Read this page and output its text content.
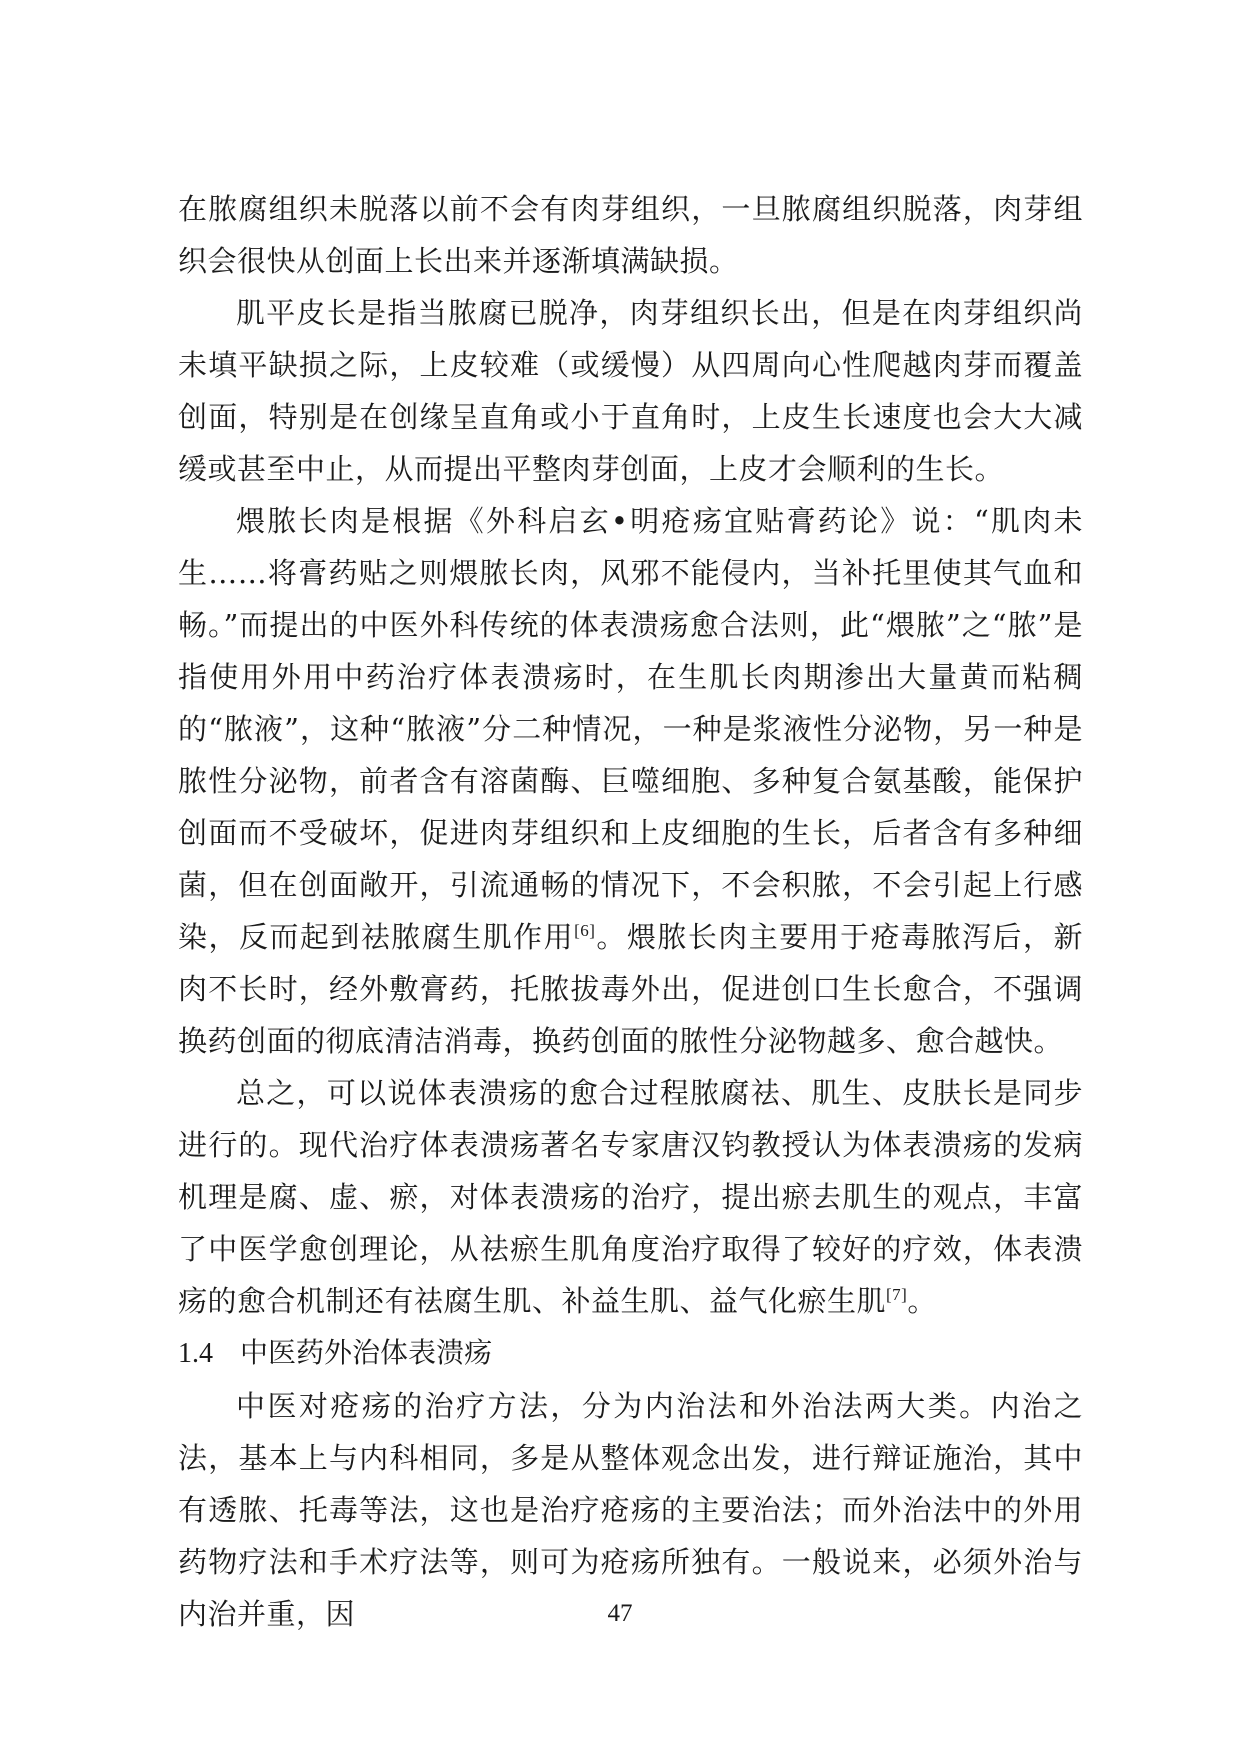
在脓腐组织未脱落以前不会有肉芽组织，一旦脓腐组织脱落，肉芽组织会很快从创面上长出来并逐渐填满缺损。

肌平皮长是指当脓腐已脱净，肉芽组织长出，但是在肉芽组织尚未填平缺损之际，上皮较难（或缓慢）从四周向心性爬越肉芽而覆盖创面，特别是在创缘呈直角或小于直角时，上皮生长速度也会大大减缓或甚至中止，从而提出平整肉芽创面，上皮才会顺利的生长。

煨脓长肉是根据《外科启玄•明疮疡宜贴膏药论》说：“肌肉未生……将膏药贴之则煨脓长肉，风邪不能侵内，当补托里使其气血和畅。”而提出的中医外科传统的体表溃疡愈合法则，此“煨脓”之“脓”是指使用外用中药治疗体表溃疡时，在生肌长肉期渗出大量黄而粘稠的“脓液”，这种“脓液”分二种情况，一种是浆液性分泌物，另一种是脓性分泌物，前者含有溶菌酶、巨噬细胞、多种复合氨基酸，能保护创面而不受破坏，促进肉芽组织和上皮细胞的生长，后者含有多种细菌，但在创面敞开，引流通畅的情况下，不会积脓，不会引起上行感染，反而起到祛脓腐生肌作用[6]。煨脓长肉主要用于疮毒脓泻后，新肉不长时，经外敷膏药，托脓拔毒外出，促进创口生长愈合，不强调换药创面的彻底清洁消毒，换药创面的脓性分泌物越多、愈合越快。

总之，可以说体表溃疡的愈合过程脓腐祛、肌生、皮肤长是同步进行的。现代治疗体表溃疡著名专家唐汉钧教授认为体表溃疡的发病机理是腐、虚、瘀，对体表溃疡的治疗，提出瘀去肌生的观点，丰富了中医学愈创理论，从祛瘀生肌角度治疗取得了较好的疗效，体表溃疡的愈合机制还有祛腐生肌、补益生肌、益气化瘀生肌[7]。

1.4 中医药外治体表溃疡

中医对疮疡的治疗方法，分为内治法和外治法两大类。内治之法，基本上与内科相同，多是从整体观念出发，进行辩证施治，其中有透脓、托毒等法，这也是治疗疮疡的主要治法；而外治法中的外用药物疗法和手术疗法等，则可为疮疡所独有。一般说来，必须外治与内治并重，因	47
